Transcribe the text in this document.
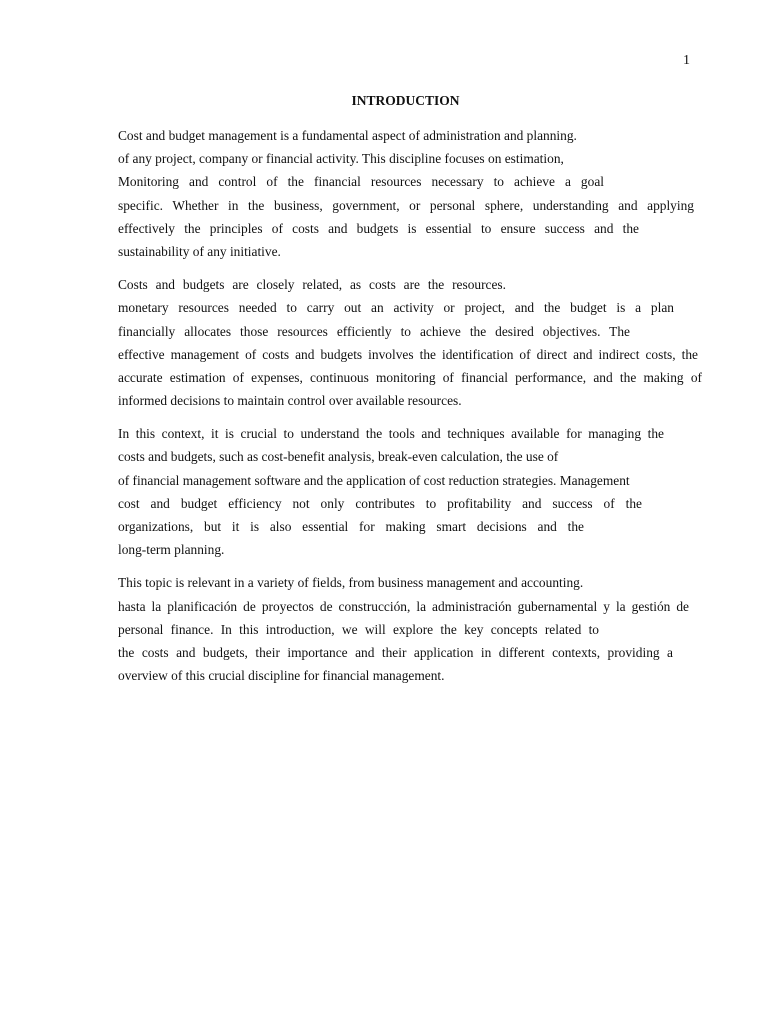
1
INTRODUCTION
Cost and budget management is a fundamental aspect of administration and planning.
of any project, company or financial activity. This discipline focuses on estimation,
Monitoring and control of the financial resources necessary to achieve a goal
specific. Whether in the business, government, or personal sphere, understanding and applying
effectively the principles of costs and budgets is essential to ensure success and the
sustainability of any initiative.
Costs and budgets are closely related, as costs are the resources.
monetary resources needed to carry out an activity or project, and the budget is a plan
financially allocates those resources efficiently to achieve the desired objectives. The
effective management of costs and budgets involves the identification of direct and indirect costs, the
accurate estimation of expenses, continuous monitoring of financial performance, and the making of
informed decisions to maintain control over available resources.
In this context, it is crucial to understand the tools and techniques available for managing the
costs and budgets, such as cost-benefit analysis, break-even calculation, the use of
of financial management software and the application of cost reduction strategies. Management
cost and budget efficiency not only contributes to profitability and success of the
organizations, but it is also essential for making smart decisions and the
long-term planning.
This topic is relevant in a variety of fields, from business management and accounting.
hasta la planificación de proyectos de construcción, la administración gubernamental y la gestión de
personal finance. In this introduction, we will explore the key concepts related to
the costs and budgets, their importance and their application in different contexts, providing a
overview of this crucial discipline for financial management.
